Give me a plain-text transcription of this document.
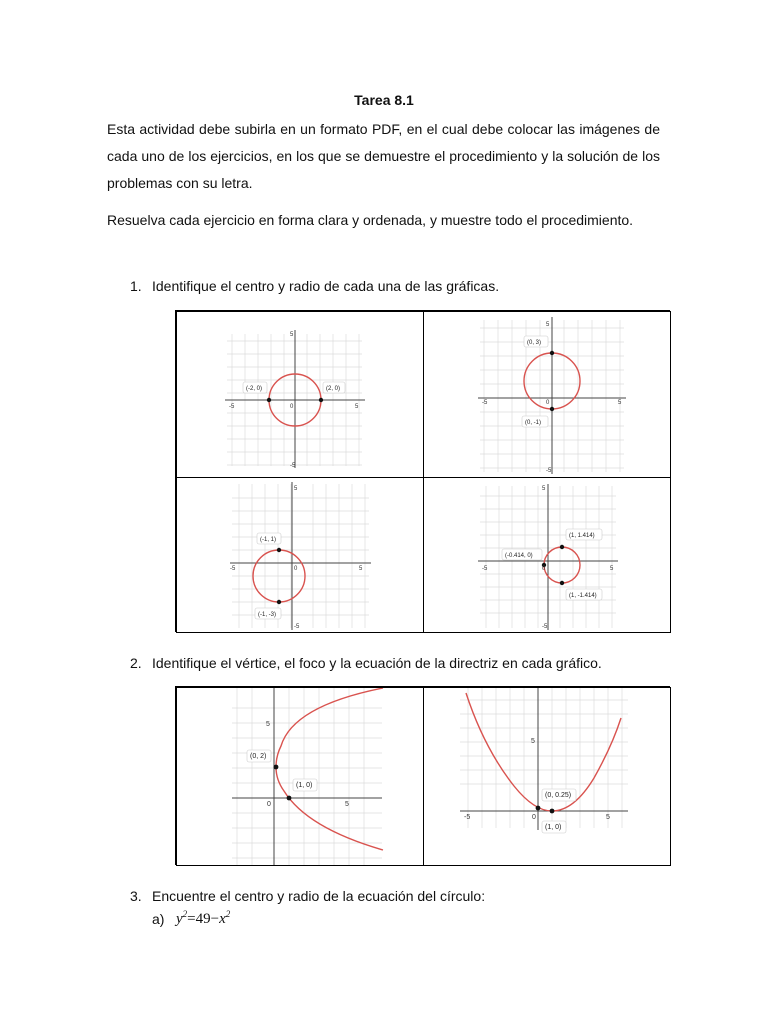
Tarea 8.1
Esta actividad debe subirla en un formato PDF, en el cual debe colocar las imágenes de cada uno de los ejercicios, en los que se demuestre el procedimiento y la solución de los problemas con su letra.
Resuelva cada ejercicio en forma clara y ordenada, y muestre todo el procedimiento.
1. Identifique el centro y radio de cada una de las gráficas.
5
-5	0	5
-5
(-2, 0)	(2, 0)
5
-5	0	5
-5
(0, 3)
(0, -1)
5
-5	0	5
-5
(-1, 1)
(-1, -3)
5
-5	0	5
-5
(1, 1.414)
(-0.414, 0)
(1, -1.414)
2. Identifique el vértice, el foco y la ecuación de la directriz en cada gráfico.
5
0	5
(0, 2)
(1, 0)
5
-5	0	5
(0, 0.25)
(1, 0)
3. Encuentre el centro y radio de la ecuación del círculo:
a) $y^2=49-x^2$
